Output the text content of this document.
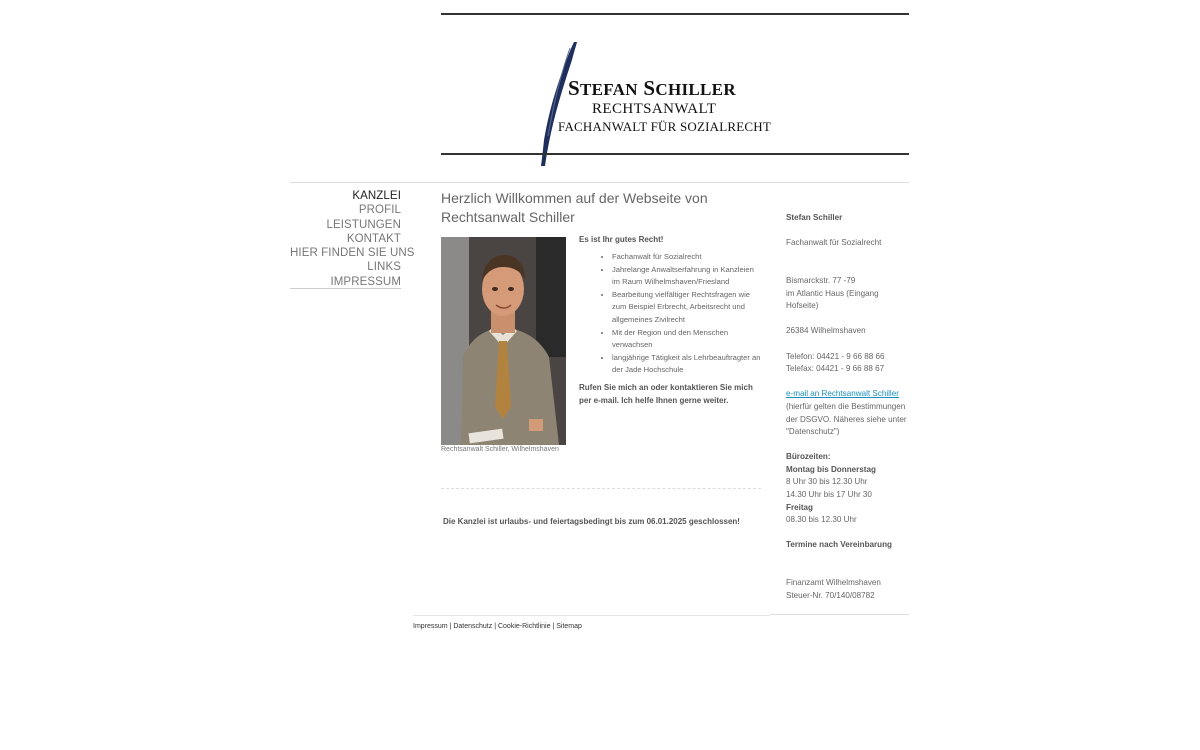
STEFAN SCHILLER
RECHTSANWALT
FACHANWALT FÜR SOZIALRECHT
KANZLEI
PROFIL
LEISTUNGEN
KONTAKT
HIER FINDEN SIE UNS
LINKS
IMPRESSUM
Herzlich Willkommen auf der Webseite von Rechtsanwalt Schiller
Rechtsanwalt Schiller, Wilhelmshaven
Es ist Ihr gutes Recht!
• Fachanwalt für Sozialrecht
• Jahrelange Anwaltserfahrung in Kanzleien im Raum Wilhelmshaven/Friesland
• Bearbeitung vielfältiger Rechtsfragen wie zum Beispiel Erbrecht, Arbeitsrecht und allgemeines Zivilrecht
• Mit der Region und den Menschen verwachsen
• langjährige Tätigkeit als Lehrbeauftragter an der Jade Hochschule
Rufen Sie mich an oder kontaktieren Sie mich per e-mail. Ich helfe Ihnen gerne weiter.
Die Kanzlei ist urlaubs- und feiertagsbedingt bis zum 06.01.2025 geschlossen!

Stefan Schiller

Fachanwalt für Sozialrecht

Bismarckstr. 77 -79

im Atlantic Haus (Eingang Hofseite)

26384 Wilhelmshaven

Telefon: 04421 - 9 66 88 66

Telefax: 04421 - 9 66 88 67

e-mail an Rechtsanwalt Schiller

(hierfür gelten die Bestimmungen der DSGVO. Näheres siehe unter "Datenschutz")

Bürozeiten:

Montag bis Donnerstag

8 Uhr 30 bis 12.30 Uhr

14.30 Uhr bis 17 Uhr 30

Freitag

08.30 bis 12.30 Uhr

Termine nach Vereinbarung

Finanzamt Wilhelmshaven

Steuer-Nr. 70/140/08782

Impressum | Datenschutz | Cookie-Richtlinie | Sitemap
